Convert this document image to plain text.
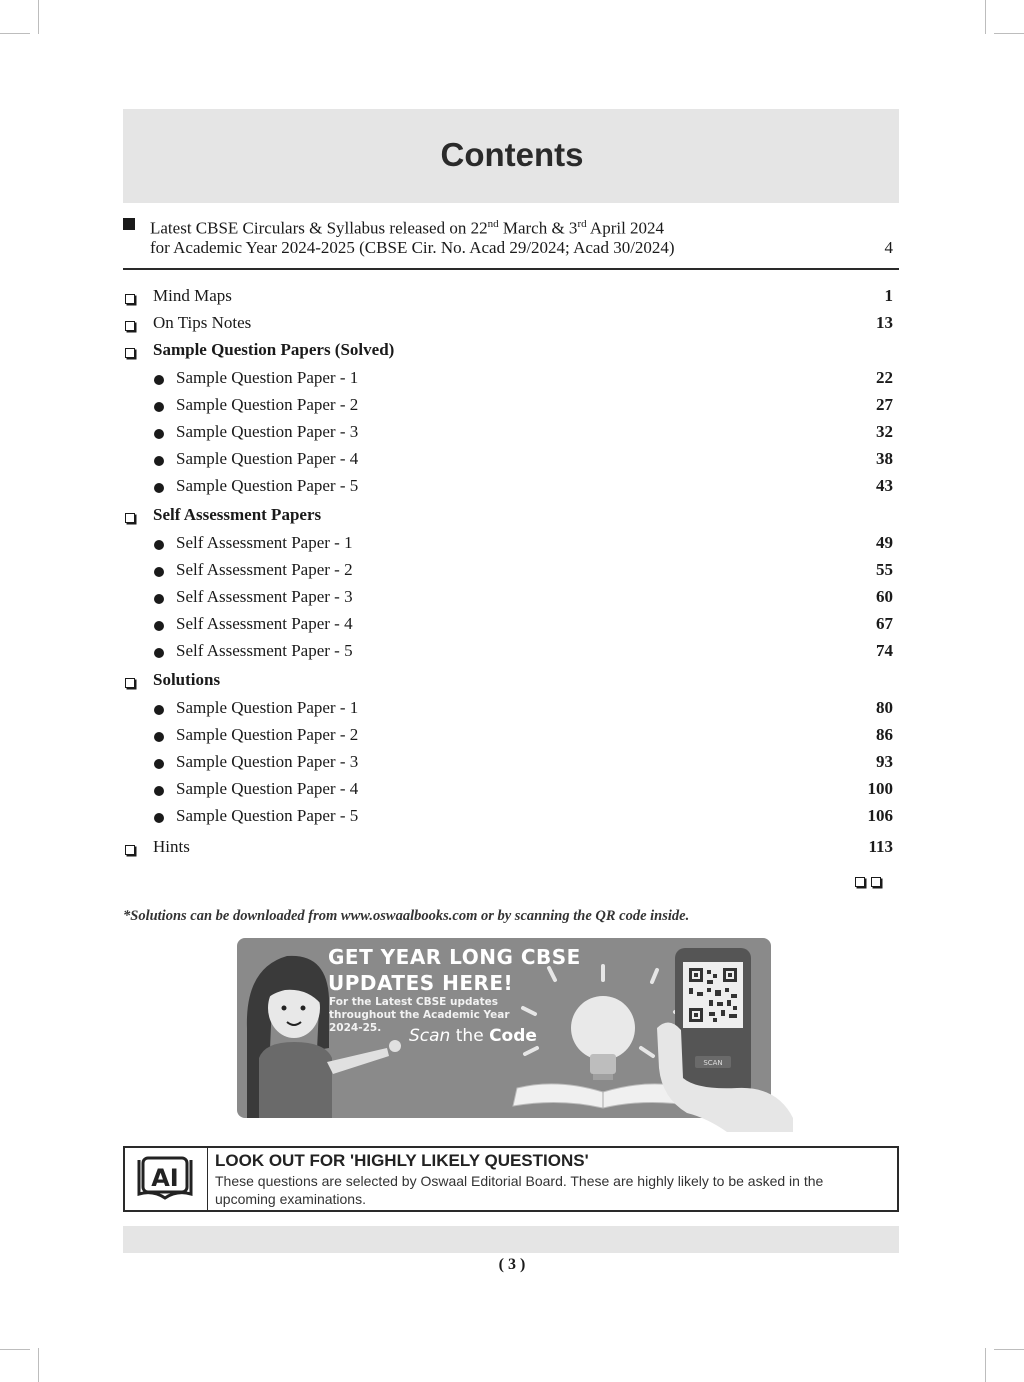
Contents
Latest CBSE Circulars & Syllabus released on 22nd March & 3rd April 2024
for Academic Year 2024-2025 (CBSE Cir. No. Acad 29/2024; Acad 30/2024)	4
Mind Maps	1
On Tips Notes	13
Sample Question Papers (Solved)
Sample Question Paper - 1	22
Sample Question Paper - 2	27
Sample Question Paper - 3	32
Sample Question Paper - 4	38
Sample Question Paper - 5	43
Self Assessment Papers
Self Assessment Paper - 1	49
Self Assessment Paper - 2	55
Self Assessment Paper - 3	60
Self Assessment Paper - 4	67
Self Assessment Paper - 5	74
Solutions
Sample Question Paper - 1	80
Sample Question Paper - 2	86
Sample Question Paper - 3	93
Sample Question Paper - 4	100
Sample Question Paper - 5	106
Hints	113
*Solutions can be downloaded from www.oswaalbooks.com or by scanning the QR code inside.
SCAN
GET YEAR LONG CBSE
UPDATES HERE!
For the Latest CBSE updates
throughout the Academic Year
2024-25.	Scan the Code
AI
LOOK OUT FOR 'HIGHLY LIKELY QUESTIONS'
These questions are selected by Oswaal Editorial Board. These are highly likely to be asked in the upcoming examinations.
( 3 )
